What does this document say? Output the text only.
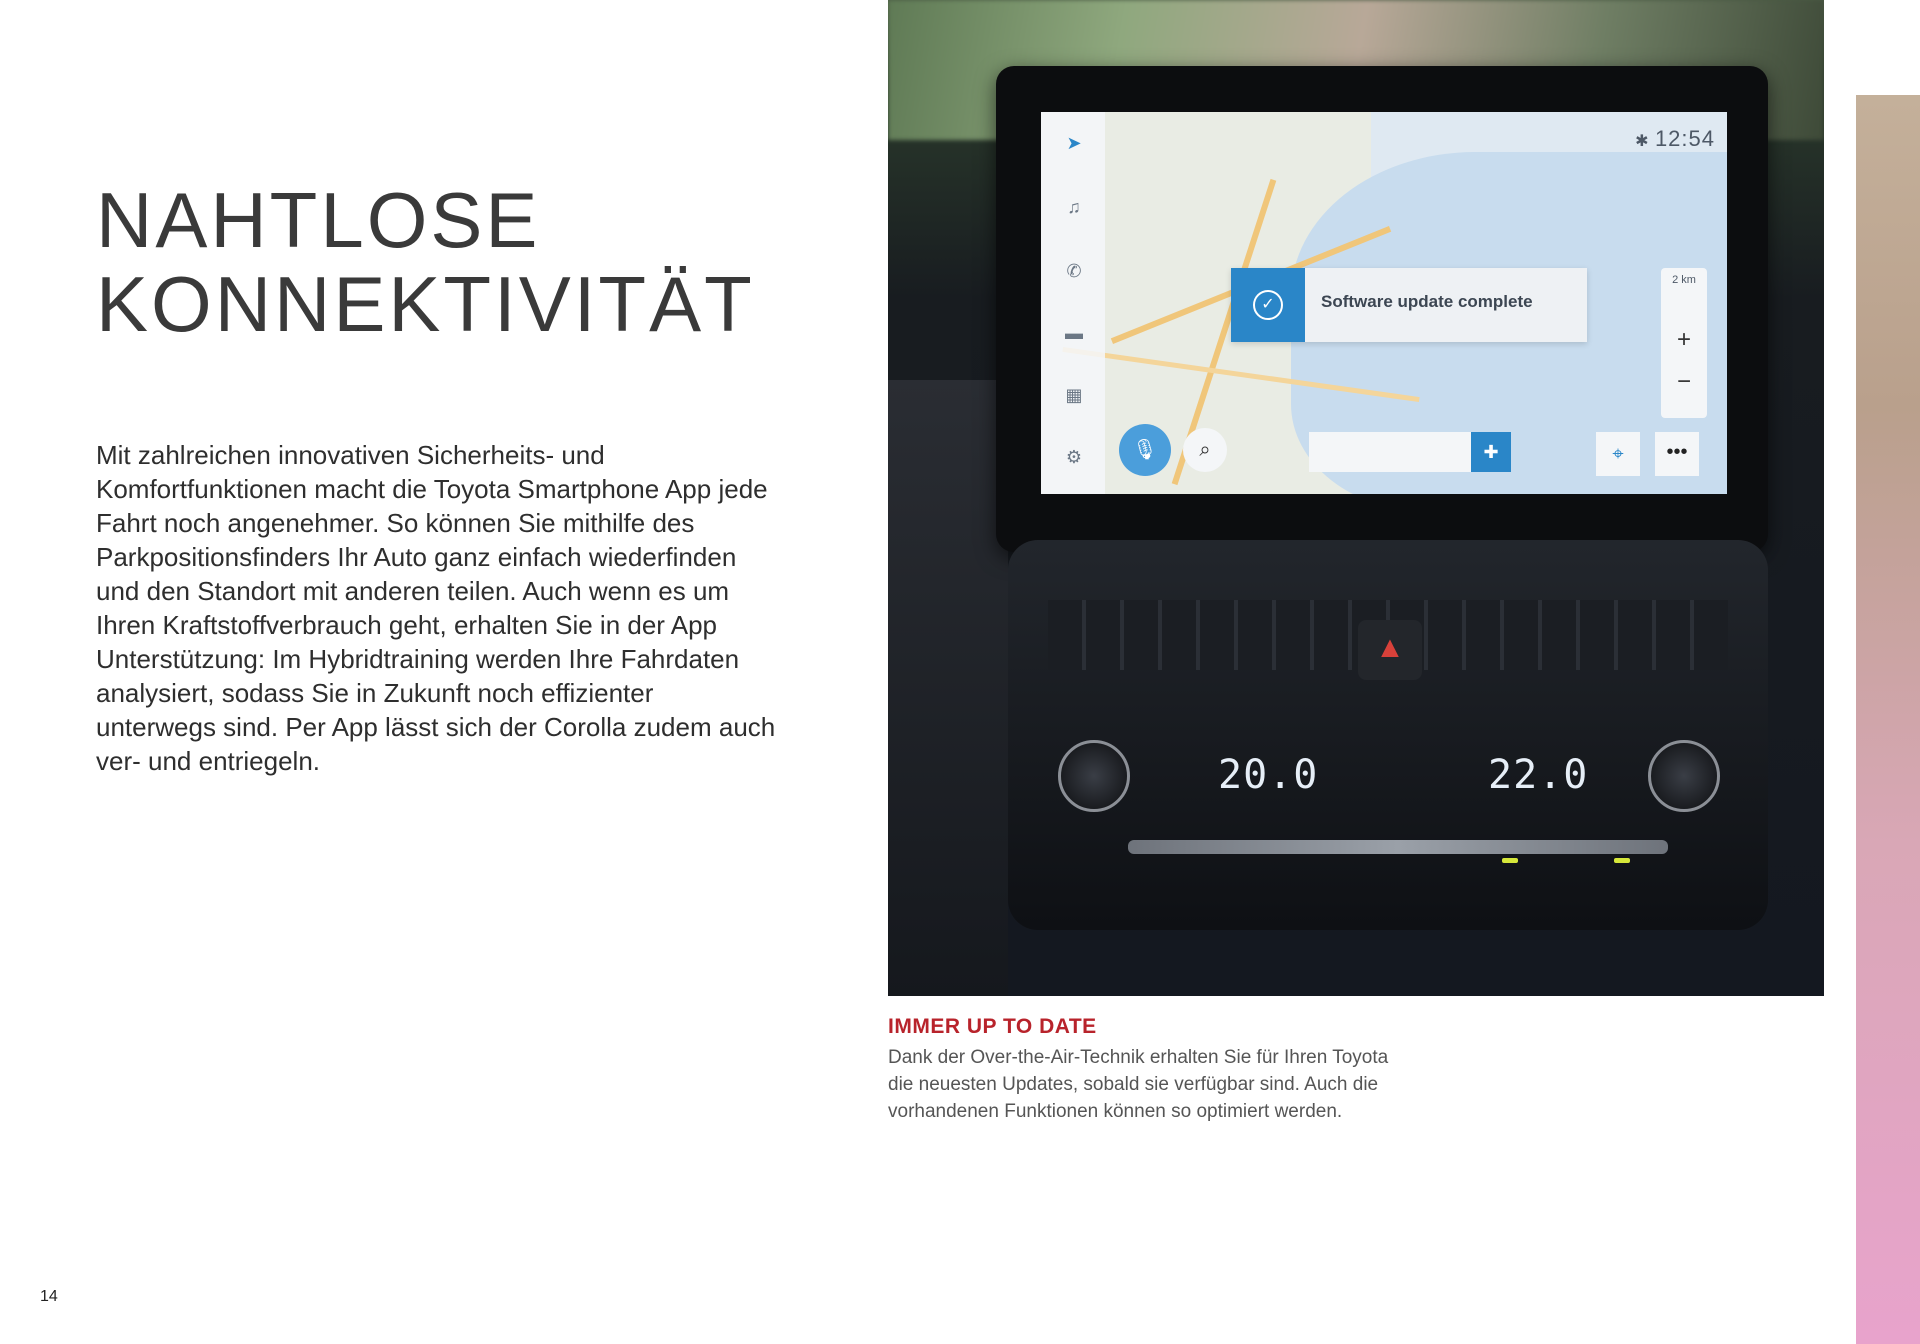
NAHTLOSE
KONNEKTIVITÄT

Mit zahlreichen innovativen Sicherheits- und Komfortfunktionen macht die Toyota Smartphone App jede Fahrt noch angenehmer. So können Sie mithilfe des Parkpositionsfinders Ihr Auto ganz einfach wiederfinden und den Standort mit anderen teilen. Auch wenn es um Ihren Kraftstoffverbrauch geht, erhalten Sie in der App Unterstützung: Im Hybridtraining werden Ihre Fahrdaten analysiert, sodass Sie in Zukunft noch effizienter unterwegs sind. Per App lässt sich der Corolla zudem auch ver- und entriegeln.

➤
♫
✆
▬
▦
⚙
✱ 12:54
✓	Software update complete
2 km
+
−
🎙	⌕	✚	⌖	•••
▲
20.0	22.0
IMMER UP TO DATE

Dank der Over-the-Air-Technik erhalten Sie für Ihren Toyota die neuesten Updates, sobald sie verfügbar sind. Auch die vorhandenen Funktionen können so optimiert werden.

14
